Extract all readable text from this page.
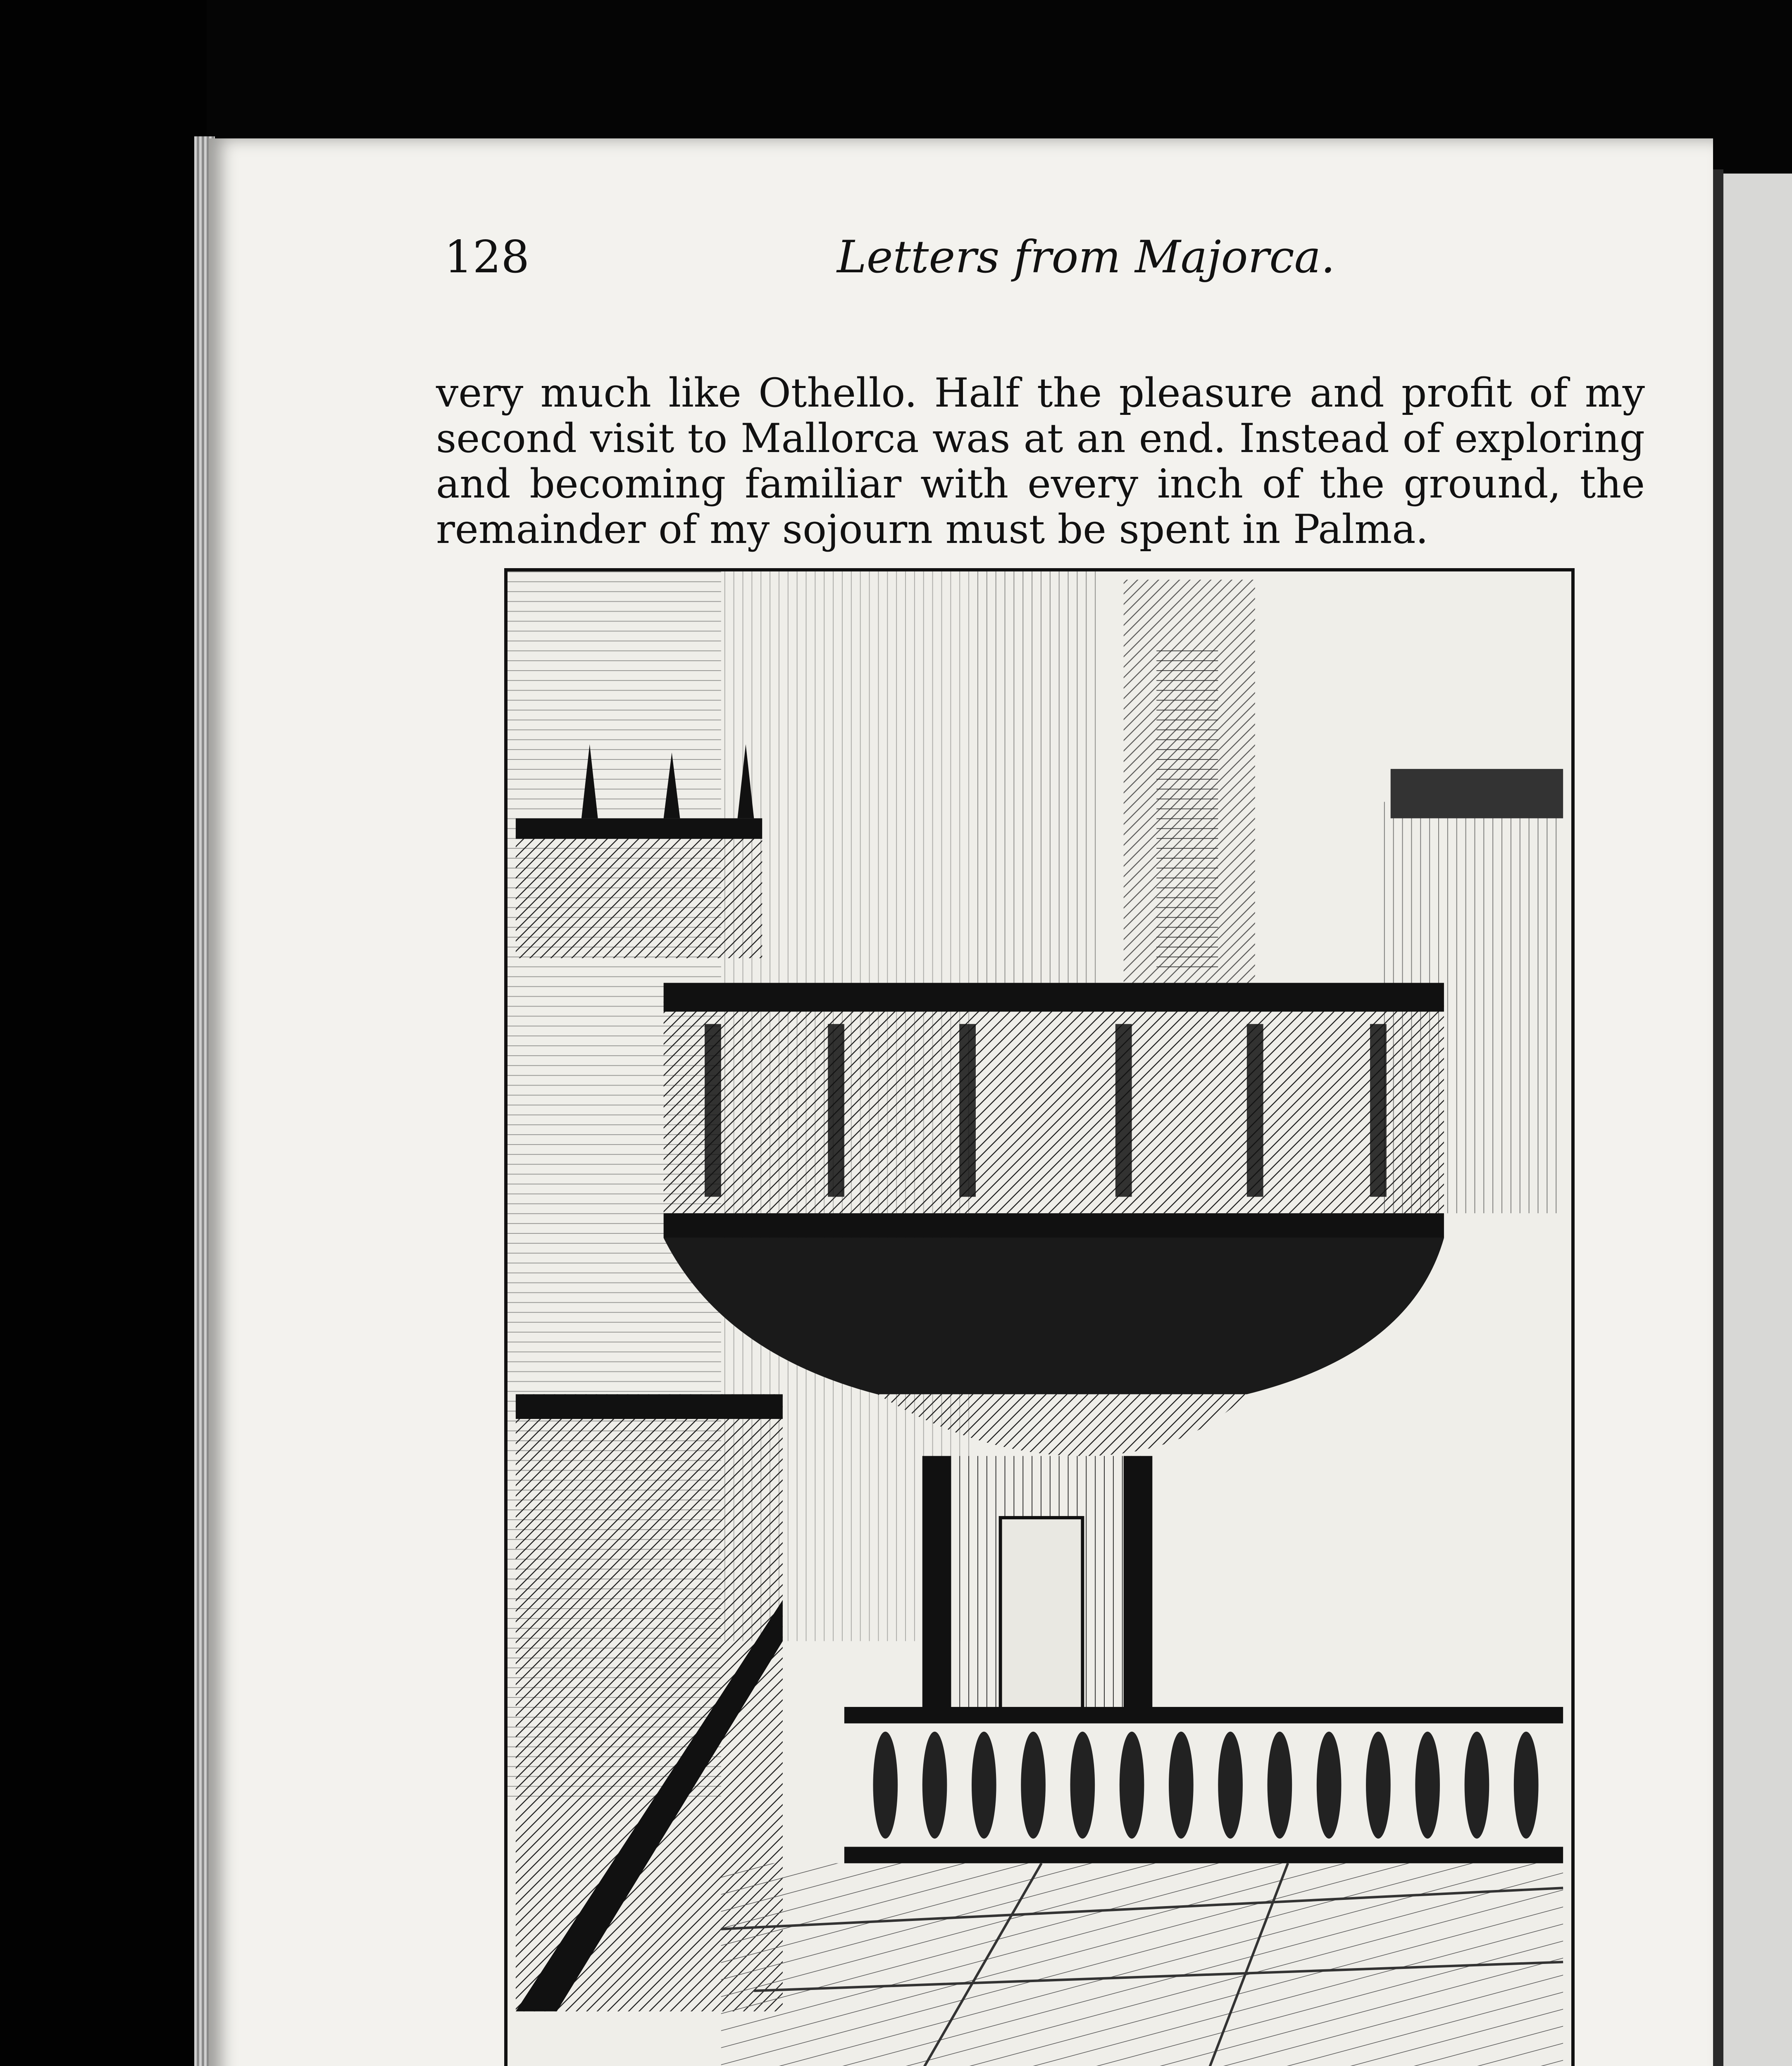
128	Letters from Majorca.

very much like Othello. Half the pleasure and profit of my second visit to Mallorca was at an end. Instead of exploring and becoming familiar with every inch of the ground, the remainder of my sojourn must be spent in Palma.
